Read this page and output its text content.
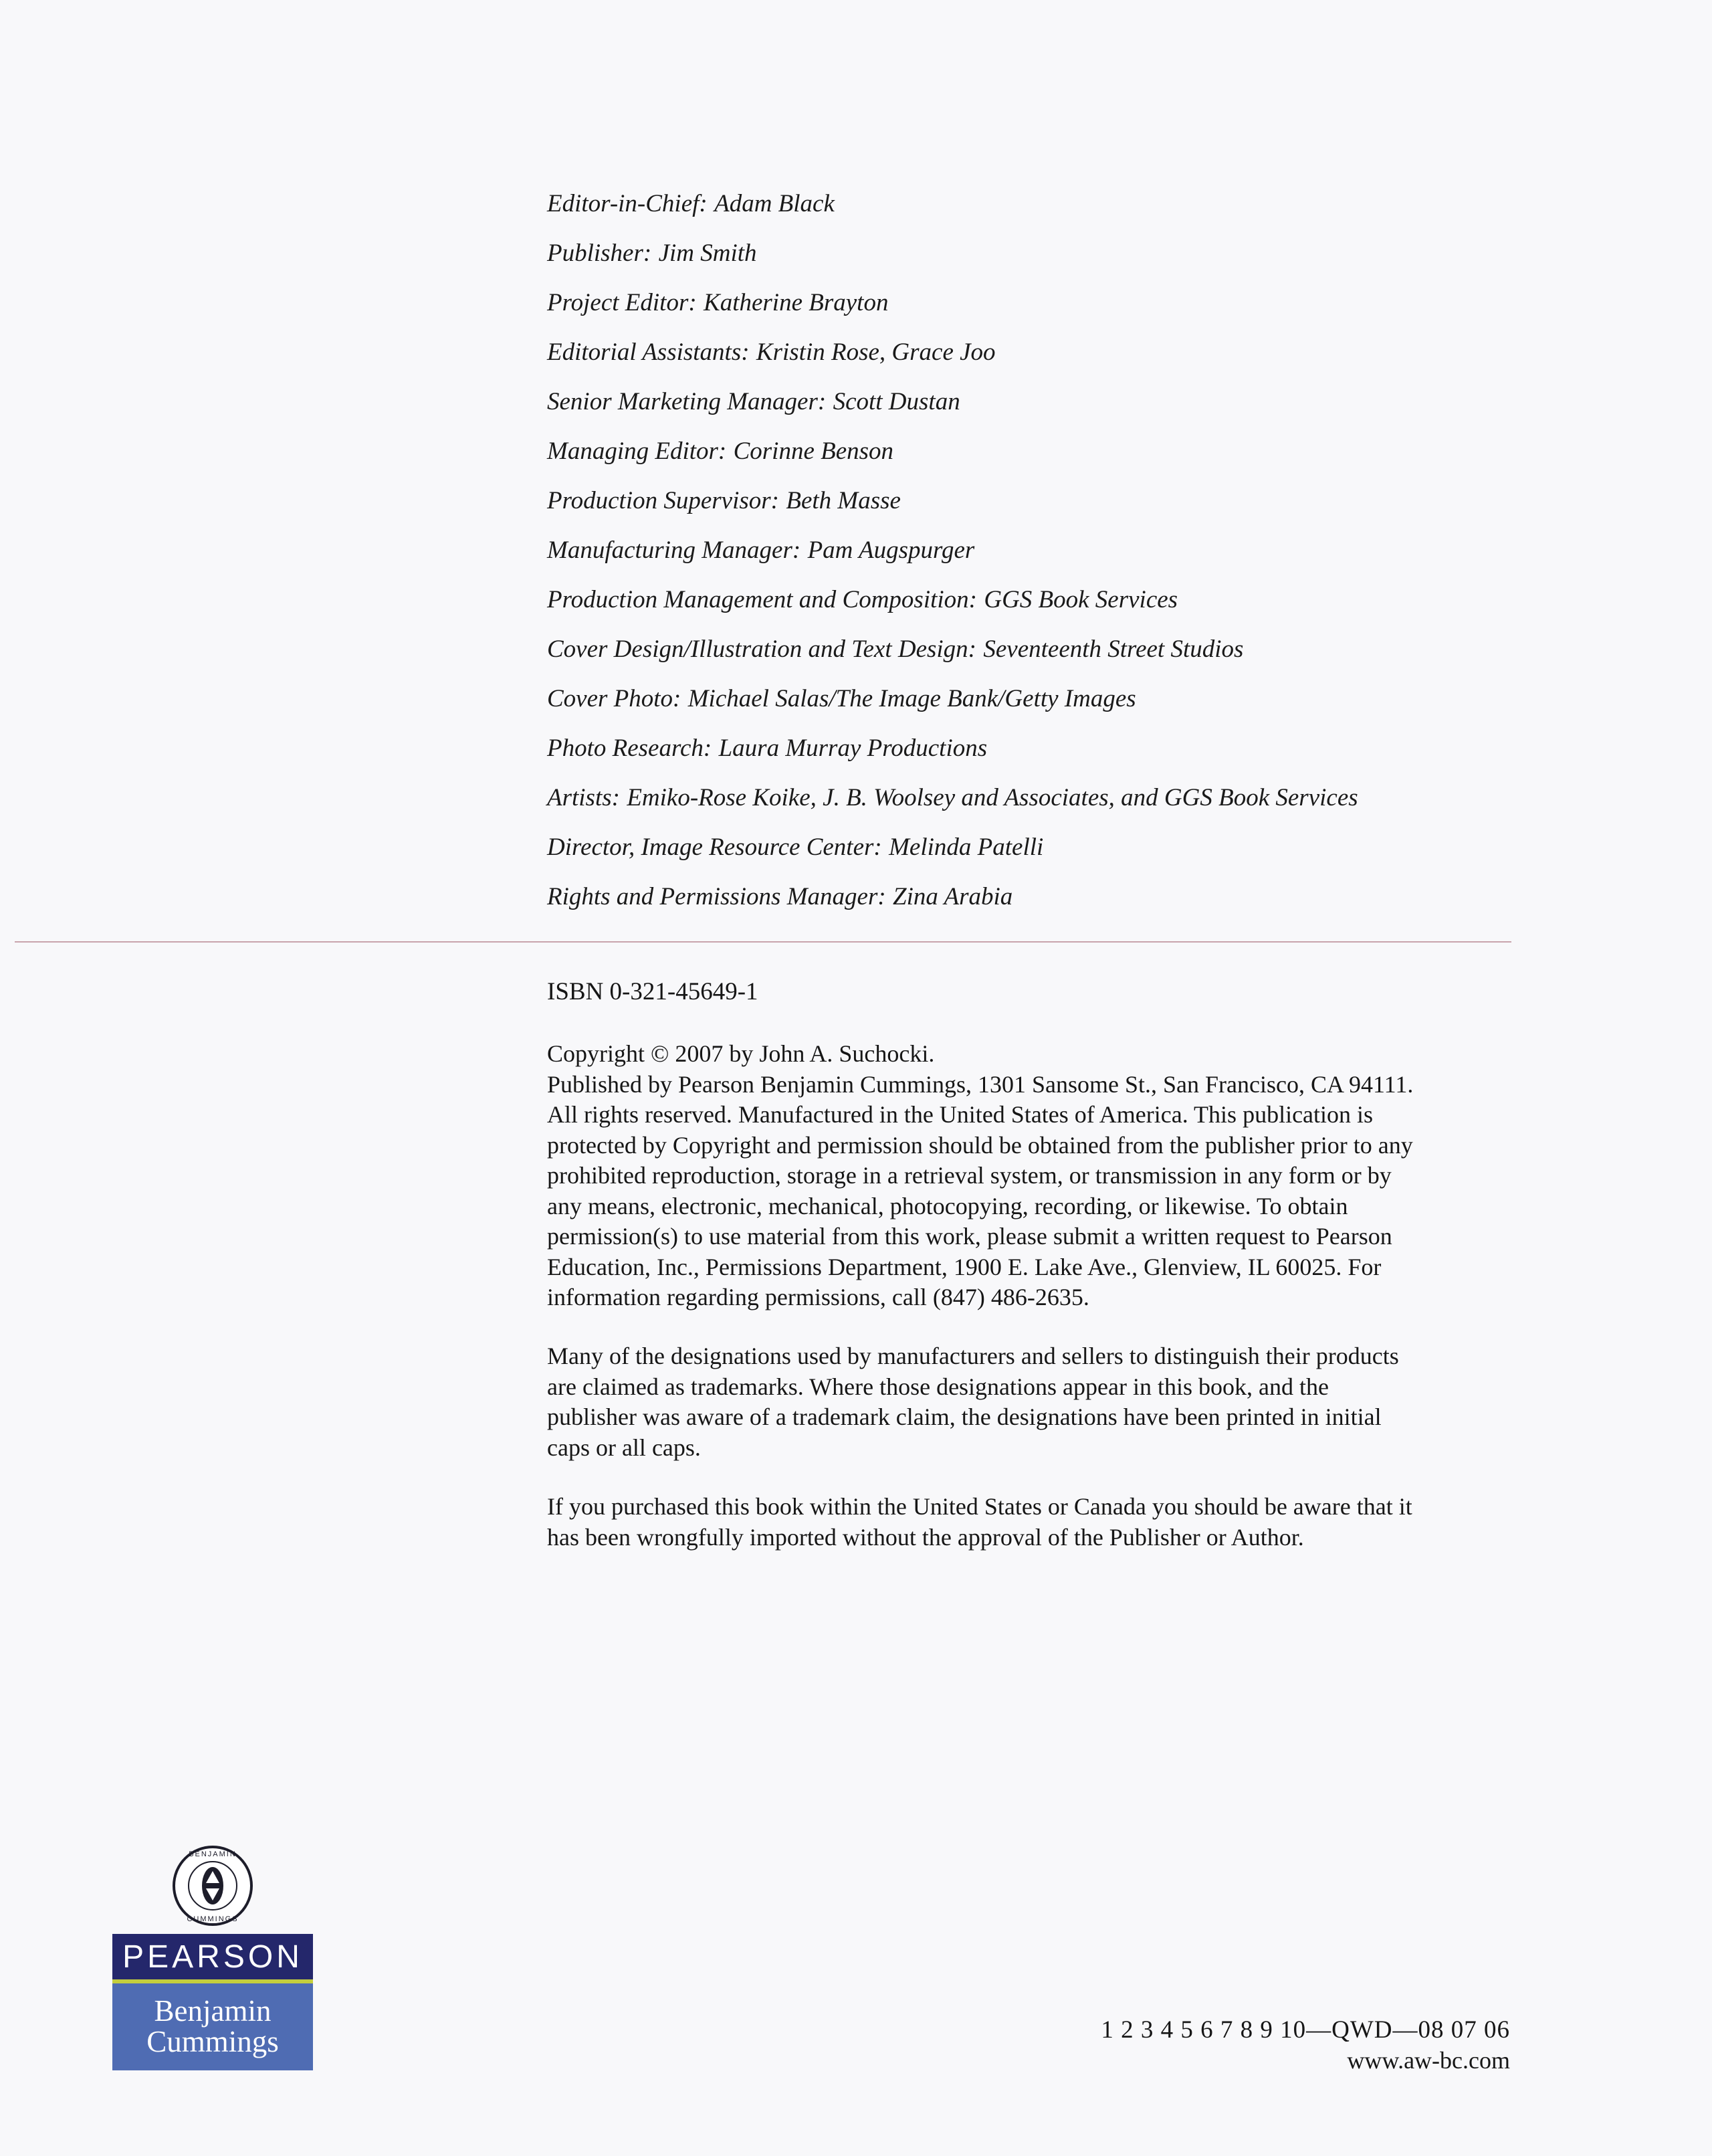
Editor-in-Chief: Adam Black
Publisher: Jim Smith
Project Editor: Katherine Brayton
Editorial Assistants: Kristin Rose, Grace Joo
Senior Marketing Manager: Scott Dustan
Managing Editor: Corinne Benson
Production Supervisor: Beth Masse
Manufacturing Manager: Pam Augspurger
Production Management and Composition: GGS Book Services
Cover Design/Illustration and Text Design: Seventeenth Street Studios
Cover Photo: Michael Salas/The Image Bank/Getty Images
Photo Research: Laura Murray Productions
Artists: Emiko-Rose Koike, J. B. Woolsey and Associates, and GGS Book Services
Director, Image Resource Center: Melinda Patelli
Rights and Permissions Manager: Zina Arabia
ISBN 0-321-45649-1

Copyright © 2007 by John A. Suchocki.
Published by Pearson Benjamin Cummings, 1301 Sansome St., San Francisco, CA 94111.
All rights reserved. Manufactured in the United States of America. This publication is
protected by Copyright and permission should be obtained from the publisher prior to any
prohibited reproduction, storage in a retrieval system, or transmission in any form or by
any means, electronic, mechanical, photocopying, recording, or likewise. To obtain
permission(s) to use material from this work, please submit a written request to Pearson
Education, Inc., Permissions Department, 1900 E. Lake Ave., Glenview, IL 60025. For
information regarding permissions, call (847) 486-2635.

Many of the designations used by manufacturers and sellers to distinguish their products
are claimed as trademarks. Where those designations appear in this book, and the
publisher was aware of a trademark claim, the designations have been printed in initial
caps or all caps.

If you purchased this book within the United States or Canada you should be aware that it
has been wrongfully imported without the approval of the Publisher or Author.

BENJAMIN
CUMMINGS
PEARSON
Benjamin
Cummings	1 2 3 4 5 6 7 8 9 10—QWD—08 07 06
www.aw-bc.com
